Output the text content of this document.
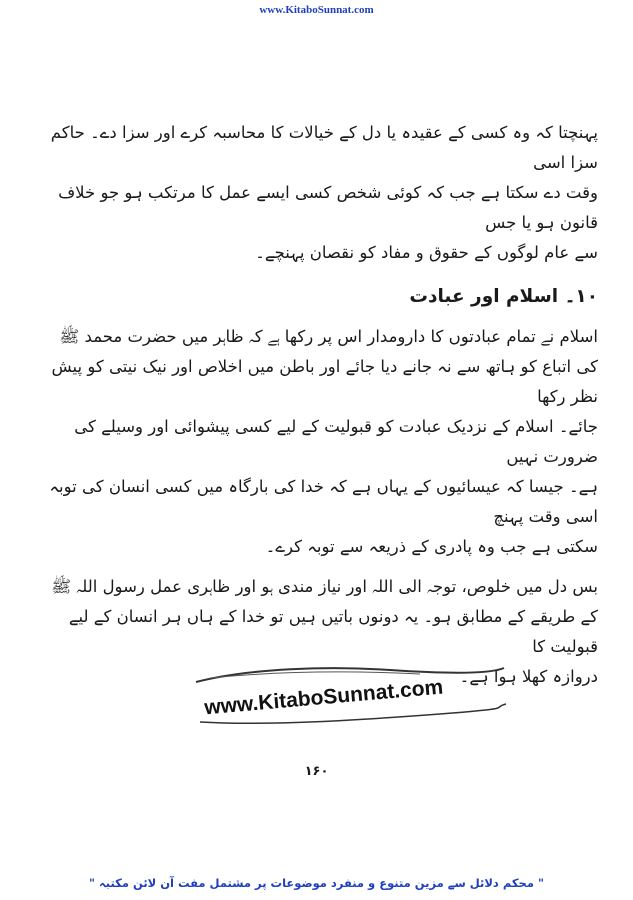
www.KitaboSunnat.com

پہنچتا کہ وہ کسی کے عقیدہ یا دل کے خیالات کا محاسبہ کرے اور سزا دے۔ حاکم سزا اسی

وقت دے سکتا ہے جب کہ کوئی شخص کسی ایسے عمل کا مرتکب ہو جو خلاف قانون ہو یا جس

سے عام لوگوں کے حقوق و مفاد کو نقصان پہنچے۔

۱۰۔ اسلام اور عبادت

اسلام نے تمام عبادتوں کا دارومدار اس پر رکھا ہے کہ ظاہر میں حضرت محمد ﷺ

کی اتباع کو ہاتھ سے نہ جانے دیا جائے اور باطن میں اخلاص اور نیک نیتی کو پیش نظر رکھا

جائے۔ اسلام کے نزدیک عبادت کو قبولیت کے لیے کسی پیشوائی اور وسیلے کی ضرورت نہیں

ہے۔ جیسا کہ عیسائیوں کے یہاں ہے کہ خدا کی بارگاہ میں کسی انسان کی توبہ اسی وقت پہنچ

سکتی ہے جب وہ پادری کے ذریعہ سے توبہ کرے۔

بس دل میں خلوص، توجہ الی اللہ اور نیاز مندی ہو اور ظاہری عمل رسول اللہ ﷺ

کے طریقے کے مطابق ہو۔ یہ دونوں باتیں ہیں تو خدا کے ہاں ہر انسان کے لیے قبولیت کا

دروازہ کھلا ہوا ہے۔

www.KitaboSunnat.com
۱۶۰
" محکم دلائل سے مزین متنوع و منفرد موضوعات پر مشتمل مفت آن لائن مکتبہ "
